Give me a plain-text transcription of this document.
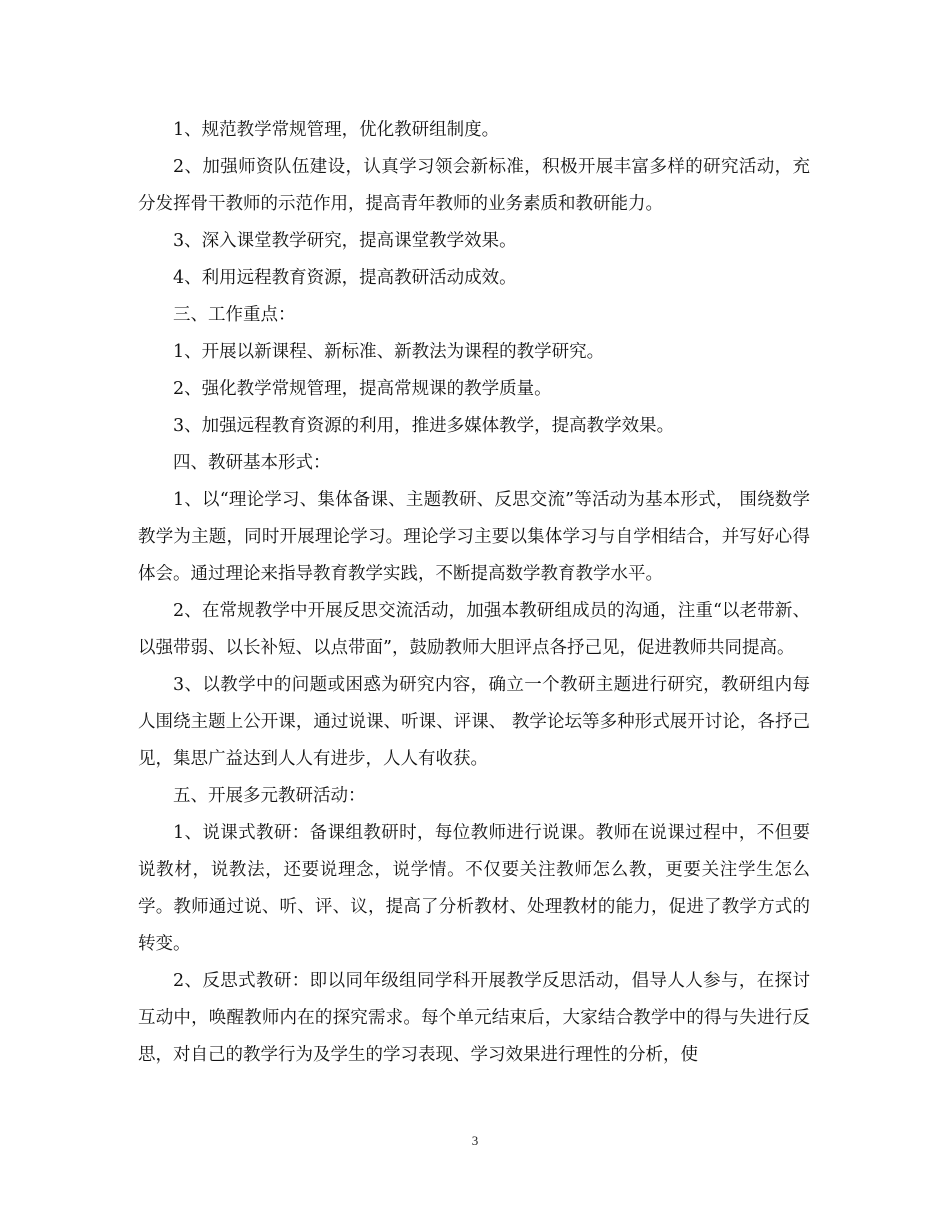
1、规范教学常规管理，优化教研组制度。

2、加强师资队伍建设，认真学习领会新标准，积极开展丰富多样的研究活动，充分发挥骨干教师的示范作用，提高青年教师的业务素质和教研能力。

3、深入课堂教学研究，提高课堂教学效果。

4、利用远程教育资源，提高教研活动成效。

三、工作重点：

1、开展以新课程、新标准、新教法为课程的教学研究。

2、强化教学常规管理，提高常规课的教学质量。

3、加强远程教育资源的利用，推进多媒体教学，提高教学效果。

四、教研基本形式：

1、以“理论学习、集体备课、主题教研、反思交流”等活动为基本形式， 围绕数学教学为主题，同时开展理论学习。理论学习主要以集体学习与自学相结合，并写好心得体会。通过理论来指导教育教学实践，不断提高数学教育教学水平。

2、在常规教学中开展反思交流活动，加强本教研组成员的沟通，注重“以老带新、以强带弱、以长补短、以点带面”，鼓励教师大胆评点各抒己见，促进教师共同提高。

3、以教学中的问题或困惑为研究内容，确立一个教研主题进行研究，教研组内每人围绕主题上公开课，通过说课、听课、评课、 教学论坛等多种形式展开讨论，各抒己见，集思广益达到人人有进步，人人有收获。

五、开展多元教研活动：

1、说课式教研：备课组教研时，每位教师进行说课。教师在说课过程中，不但要说教材，说教法，还要说理念，说学情。不仅要关注教师怎么教，更要关注学生怎么学。教师通过说、听、评、议，提高了分析教材、处理教材的能力，促进了教学方式的转变。

2、反思式教研：即以同年级组同学科开展教学反思活动，倡导人人参与，在探讨互动中，唤醒教师内在的探究需求。每个单元结束后，大家结合教学中的得与失进行反思，对自己的教学行为及学生的学习表现、学习效果进行理性的分析，使

3
